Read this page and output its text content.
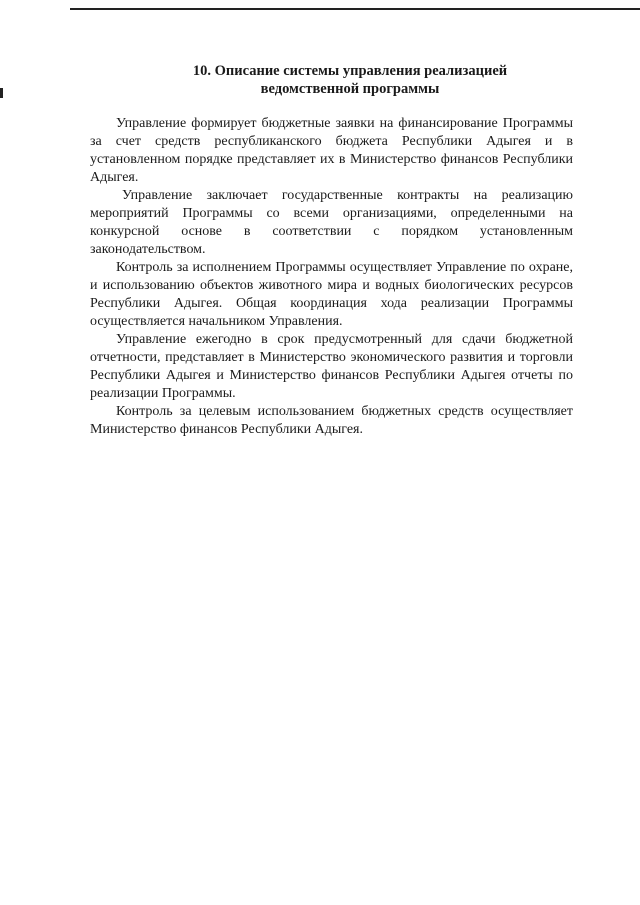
10. Описание системы управления реализацией
ведомственной программы

Управление формирует бюджетные заявки на финансирование Программы за счет средств республиканского бюджета Республики Адыгея и в установленном порядке представляет их в Министерство финансов Республики Адыгея.

Управление заключает государственные контракты на реализацию мероприятий Программы со всеми организациями, определенными на конкурсной основе в соответствии с порядком установленным законодательством.

Контроль за исполнением Программы осуществляет Управление по охране, и использованию объектов животного мира и водных биологических ресурсов Республики Адыгея. Общая координация хода реализации Программы осуществляется начальником Управления.

Управление ежегодно в срок предусмотренный для сдачи бюджетной отчетности, представляет в Министерство экономического развития и торговли Республики Адыгея и Министерство финансов Республики Адыгея отчеты по реализации Программы.

Контроль за целевым использованием бюджетных средств осуществляет Министерство финансов Республики Адыгея.
